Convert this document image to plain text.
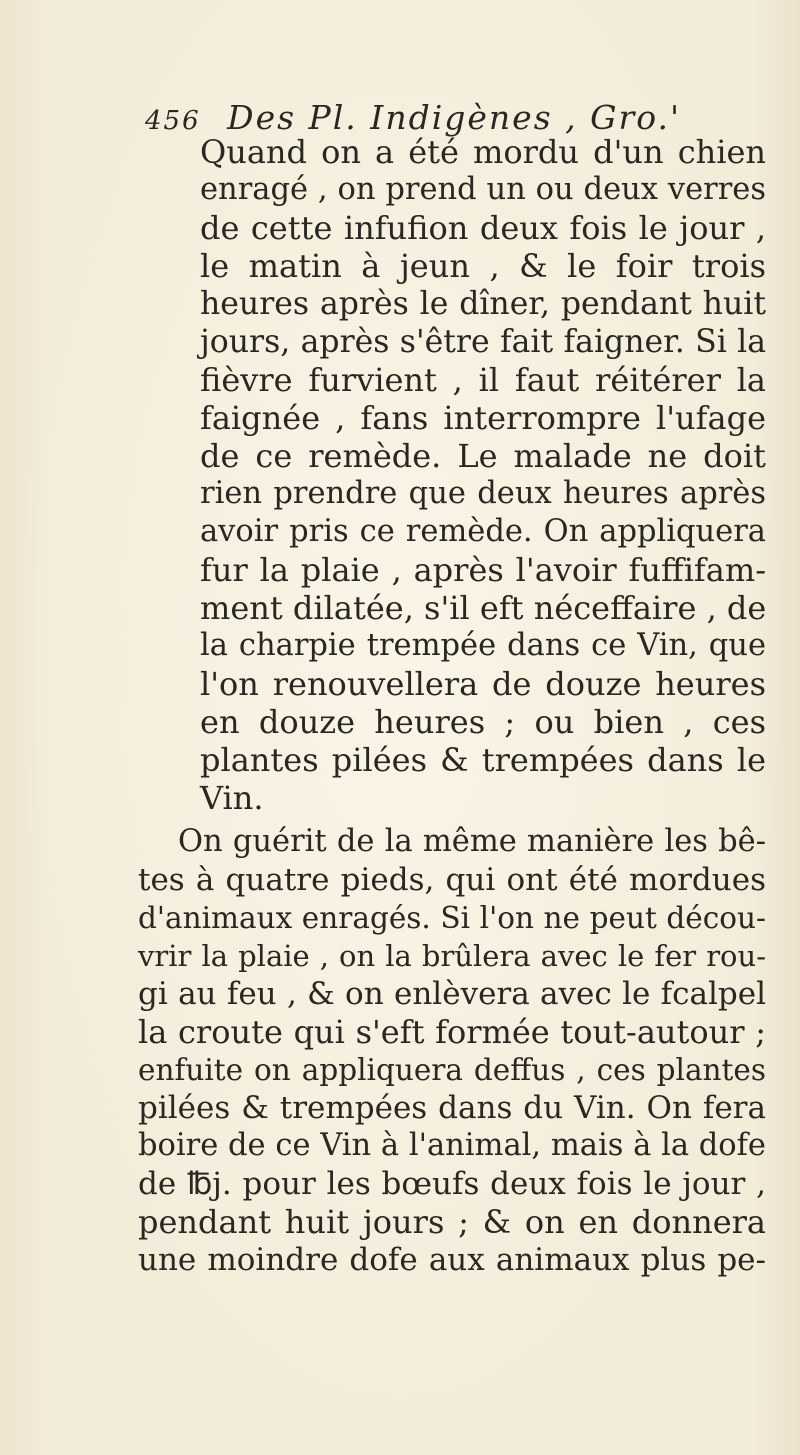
456 Des Pl. Indigènes , Gro.'
Quand on a été mordu d'un chien
enragé , on prend un ou deux verres
de cette infufion deux fois le jour ,
le matin à jeun , & le foir trois
heures après le dîner, pendant huit
jours, après s'être fait faigner. Si la
fièvre furvient , il faut réitérer la
faignée , fans interrompre l'ufage
de ce remède. Le malade ne doit
rien prendre que deux heures après
avoir pris ce remède. On appliquera
fur la plaie , après l'avoir fuffifam-
ment dilatée, s'il eft néceffaire , de
la charpie trempée dans ce Vin, que
l'on renouvellera de douze heures
en douze heures ; ou bien , ces
plantes pilées & trempées dans le
Vin.
On guérit de la même manière les bê-
tes à quatre pieds, qui ont été mordues
d'animaux enragés. Si l'on ne peut décou-
vrir la plaie , on la brûlera avec le fer rou-
gi au feu , & on enlèvera avec le fcalpel
la croute qui s'eft formée tout-autour ;
enfuite on appliquera deffus , ces plantes
pilées & trempées dans du Vin. On fera
boire de ce Vin à l'animal, mais à la dofe
de ℔j. pour les bœufs deux fois le jour ,
pendant huit jours ; & on en donnera
une moindre dofe aux animaux plus pe-
